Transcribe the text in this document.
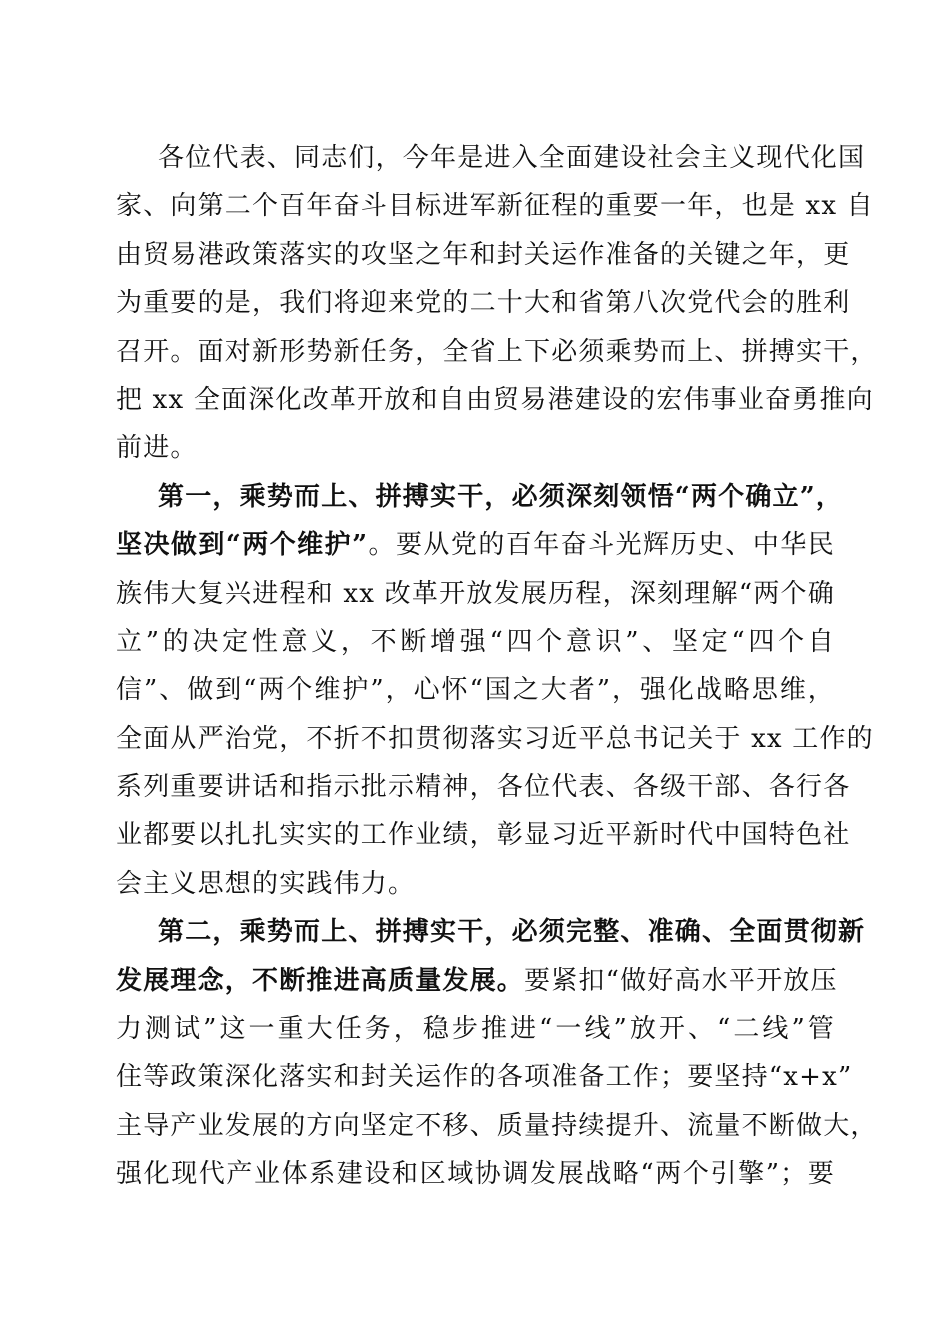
各位代表、同志们，今年是进入全面建设社会主义现代化国
家、向第二个百年奋斗目标进军新征程的重要一年，也是 xx 自
由贸易港政策落实的攻坚之年和封关运作准备的关键之年，更
为重要的是，我们将迎来党的二十大和省第八次党代会的胜利
召开。面对新形势新任务，全省上下必须乘势而上、拼搏实干，
把 xx 全面深化改革开放和自由贸易港建设的宏伟事业奋勇推向
前进。
第一，乘势而上、拼搏实干，必须深刻领悟“两个确立”，
坚决做到“两个维护”。要从党的百年奋斗光辉历史、中华民
族伟大复兴进程和 xx 改革开放发展历程，深刻理解“两个确
立”的决定性意义，不断增强“四个意识”、坚定“四个自
信”、做到“两个维护”，心怀“国之大者”，强化战略思维，
全面从严治党，不折不扣贯彻落实习近平总书记关于 xx 工作的
系列重要讲话和指示批示精神，各位代表、各级干部、各行各
业都要以扎扎实实的工作业绩，彰显习近平新时代中国特色社
会主义思想的实践伟力。
第二，乘势而上、拼搏实干，必须完整、准确、全面贯彻新
发展理念，不断推进高质量发展。要紧扣“做好高水平开放压
力测试”这一重大任务，稳步推进“一线”放开、“二线”管
住等政策深化落实和封关运作的各项准备工作；要坚持“x+x”
主导产业发展的方向坚定不移、质量持续提升、流量不断做大，
强化现代产业体系建设和区域协调发展战略“两个引擎”；要
